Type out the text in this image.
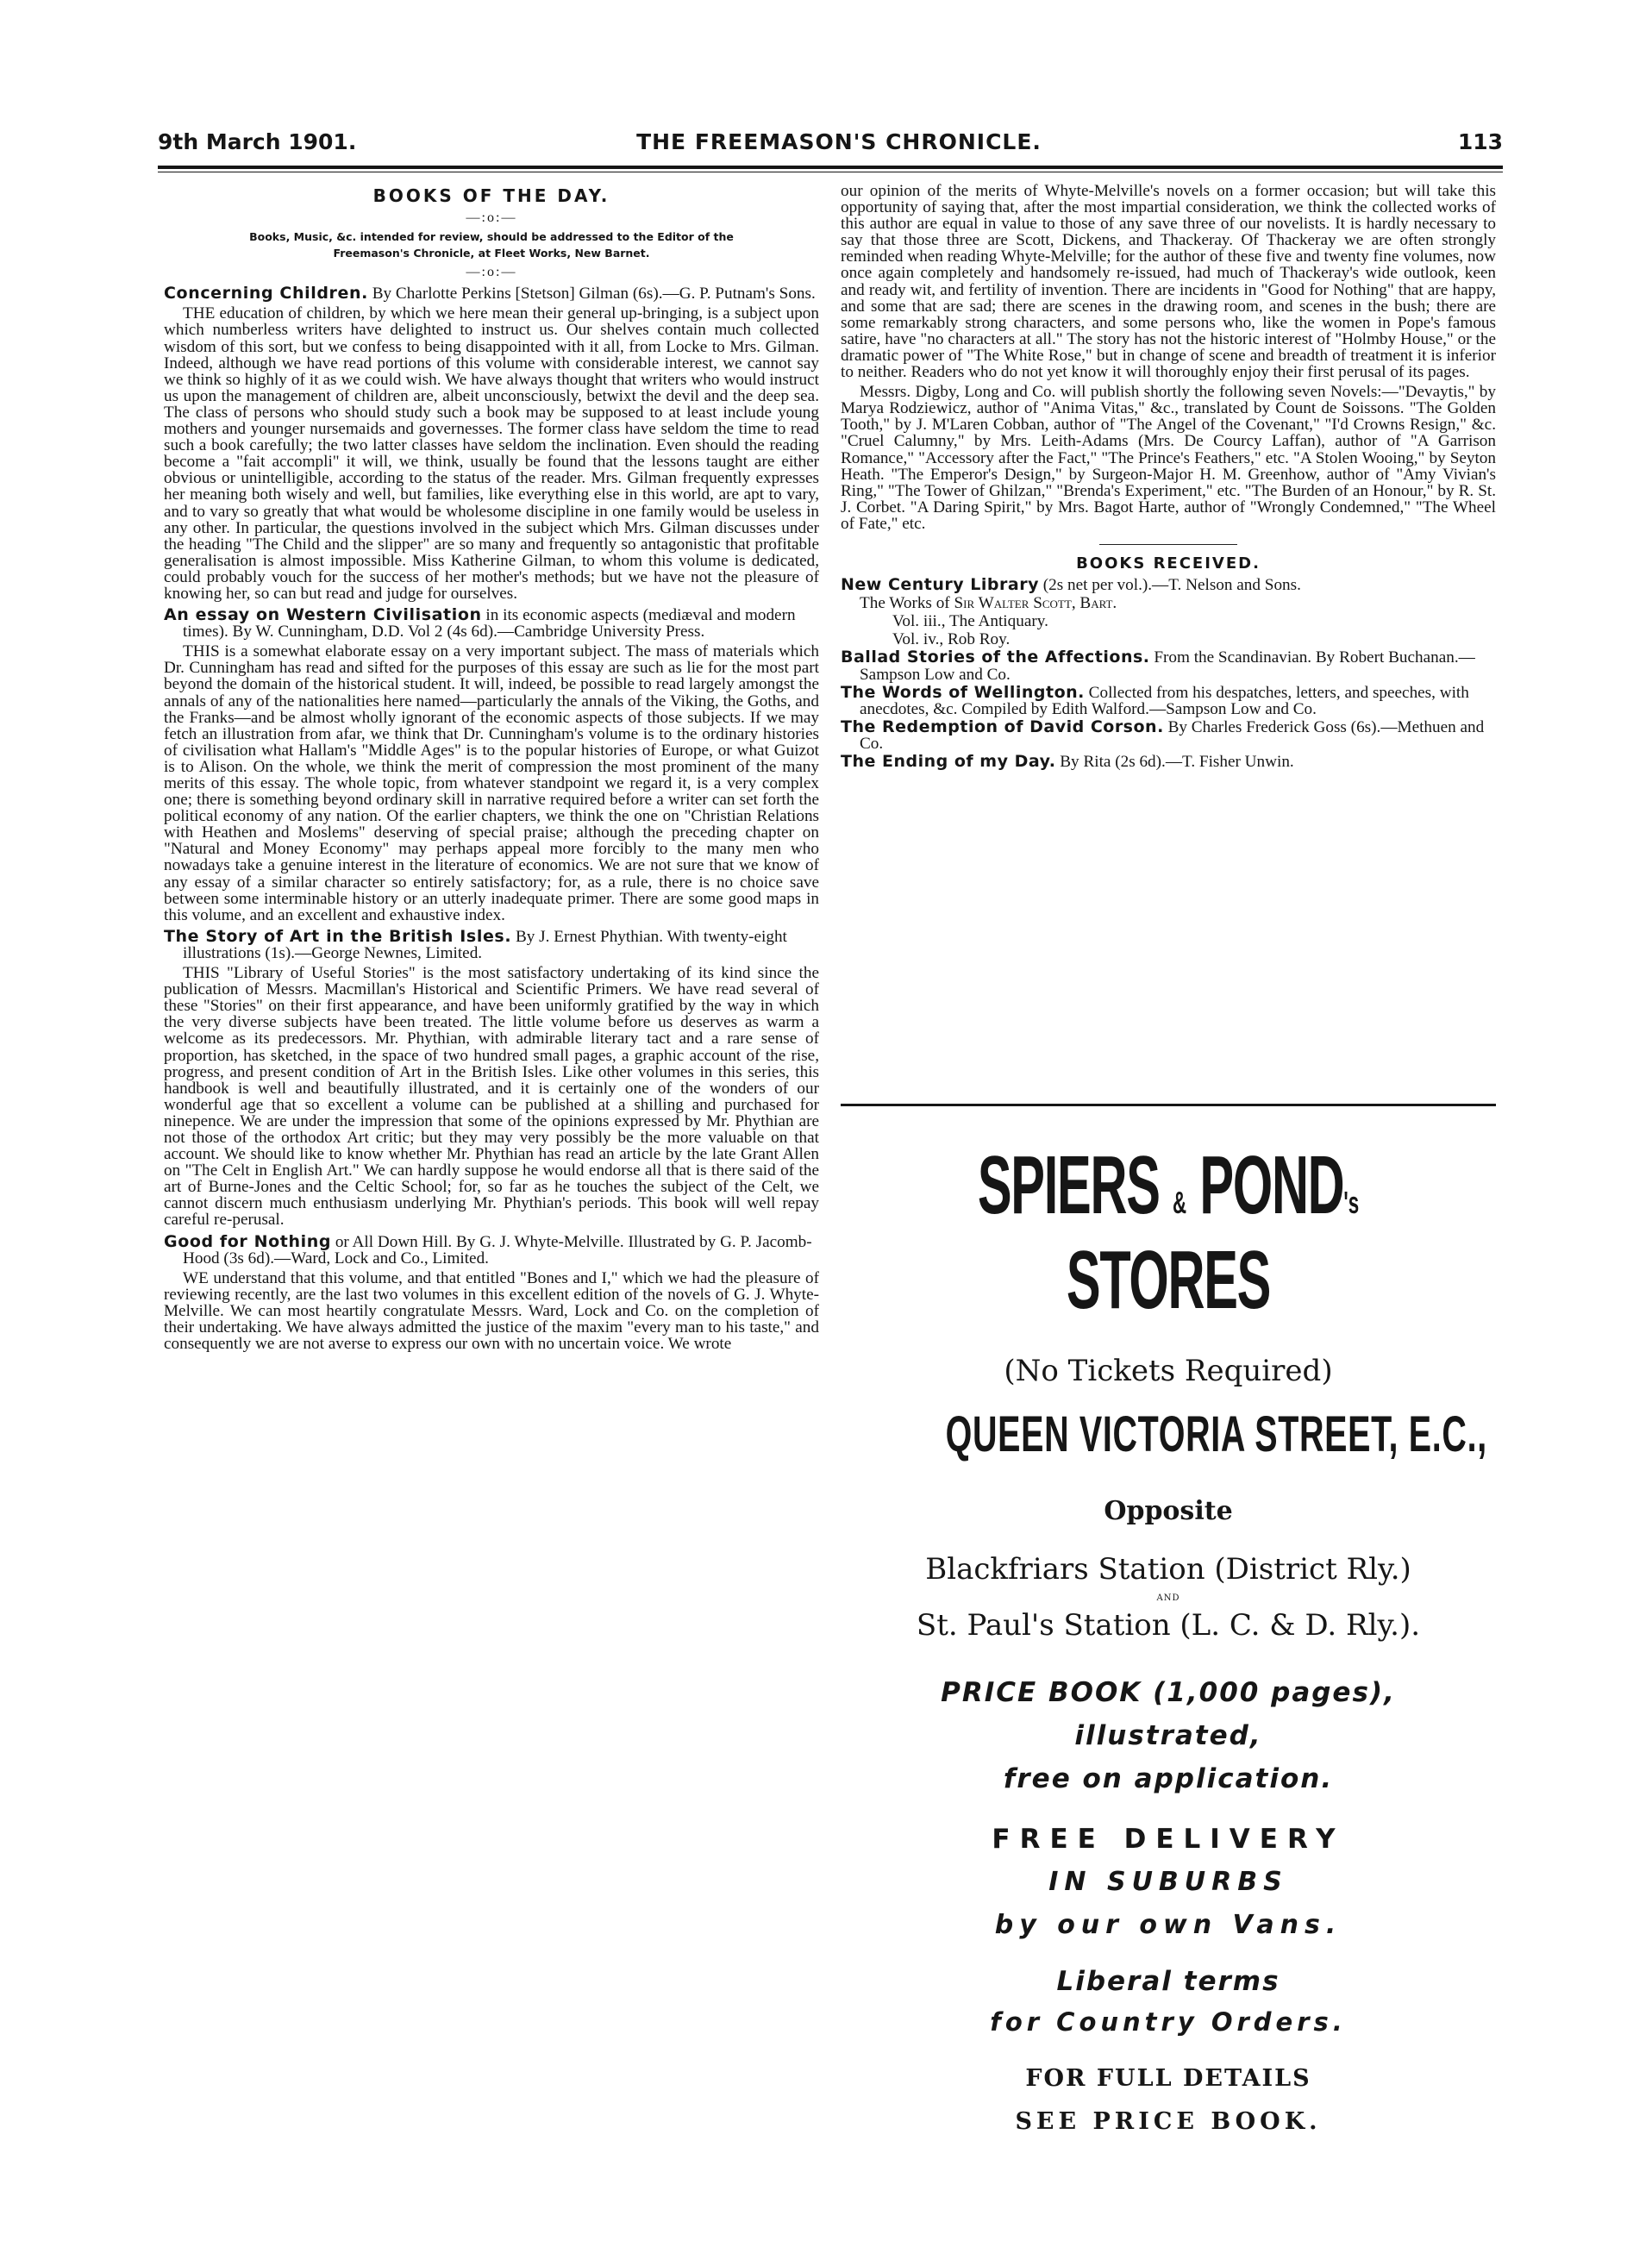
9th March 1901.	THE FREEMASON'S CHRONICLE.	113
BOOKS OF THE DAY.
—:o:—
Books, Music, &c. intended for review, should be addressed to the Editor of the
Freemason's Chronicle, at Fleet Works, New Barnet.
—:o:—
Concerning Children. By Charlotte Perkins [Stetson] Gilman (6s).—G. P. Putnam's Sons.

THE education of children, by which we here mean their general up-bringing, is a subject upon which numberless writers have delighted to instruct us. Our shelves contain much collected wisdom of this sort, but we confess to being disappointed with it all, from Locke to Mrs. Gilman. Indeed, although we have read portions of this volume with considerable interest, we cannot say we think so highly of it as we could wish. We have always thought that writers who would instruct us upon the management of children are, albeit unconsciously, betwixt the devil and the deep sea. The class of persons who should study such a book may be supposed to at least include young mothers and younger nursemaids and governesses. The former class have seldom the time to read such a book carefully; the two latter classes have seldom the inclination. Even should the reading become a "fait accompli" it will, we think, usually be found that the lessons taught are either obvious or unintelligible, according to the status of the reader. Mrs. Gilman frequently expresses her meaning both wisely and well, but families, like everything else in this world, are apt to vary, and to vary so greatly that what would be wholesome discipline in one family would be useless in any other. In particular, the questions involved in the subject which Mrs. Gilman discusses under the heading "The Child and the slipper" are so many and frequently so antagonistic that profitable generalisation is almost impossible. Miss Katherine Gilman, to whom this volume is dedicated, could probably vouch for the success of her mother's methods; but we have not the pleasure of knowing her, so can but read and judge for ourselves.

An essay on Western Civilisation in its economic aspects (mediæval and modern times). By W. Cunningham, D.D. Vol 2 (4s 6d).—Cambridge University Press.

THIS is a somewhat elaborate essay on a very important subject. The mass of materials which Dr. Cunningham has read and sifted for the purposes of this essay are such as lie for the most part beyond the domain of the historical student. It will, indeed, be possible to read largely amongst the annals of any of the nationalities here named—particularly the annals of the Viking, the Goths, and the Franks—and be almost wholly ignorant of the economic aspects of those subjects. If we may fetch an illustration from afar, we think that Dr. Cunningham's volume is to the ordinary histories of civilisation what Hallam's "Middle Ages" is to the popular histories of Europe, or what Guizot is to Alison. On the whole, we think the merit of compression the most prominent of the many merits of this essay. The whole topic, from whatever standpoint we regard it, is a very complex one; there is something beyond ordinary skill in narrative required before a writer can set forth the political economy of any nation. Of the earlier chapters, we think the one on "Christian Relations with Heathen and Moslems" deserving of special praise; although the preceding chapter on "Natural and Money Economy" may perhaps appeal more forcibly to the many men who nowadays take a genuine interest in the literature of economics. We are not sure that we know of any essay of a similar character so entirely satisfactory; for, as a rule, there is no choice save between some interminable history or an utterly inadequate primer. There are some good maps in this volume, and an excellent and exhaustive index.

The Story of Art in the British Isles. By J. Ernest Phythian. With twenty-eight illustrations (1s).—George Newnes, Limited.

THIS "Library of Useful Stories" is the most satisfactory undertaking of its kind since the publication of Messrs. Macmillan's Historical and Scientific Primers. We have read several of these "Stories" on their first appearance, and have been uniformly gratified by the way in which the very diverse subjects have been treated. The little volume before us deserves as warm a welcome as its predecessors. Mr. Phythian, with admirable literary tact and a rare sense of proportion, has sketched, in the space of two hundred small pages, a graphic account of the rise, progress, and present condition of Art in the British Isles. Like other volumes in this series, this handbook is well and beautifully illustrated, and it is certainly one of the wonders of our wonderful age that so excellent a volume can be published at a shilling and purchased for ninepence. We are under the impression that some of the opinions expressed by Mr. Phythian are not those of the orthodox Art critic; but they may very possibly be the more valuable on that account. We should like to know whether Mr. Phythian has read an article by the late Grant Allen on "The Celt in English Art." We can hardly suppose he would endorse all that is there said of the art of Burne-Jones and the Celtic School; for, so far as he touches the subject of the Celt, we cannot discern much enthusiasm underlying Mr. Phythian's periods. This book will well repay careful re-perusal.

Good for Nothing or All Down Hill. By G. J. Whyte-Melville. Illustrated by G. P. Jacomb-Hood (3s 6d).—Ward, Lock and Co., Limited.

WE understand that this volume, and that entitled "Bones and I," which we had the pleasure of reviewing recently, are the last two volumes in this excellent edition of the novels of G. J. Whyte-Melville. We can most heartily congratulate Messrs. Ward, Lock and Co. on the completion of their undertaking. We have always admitted the justice of the maxim "every man to his taste," and consequently we are not averse to express our own with no uncertain voice. We wrote

our opinion of the merits of Whyte-Melville's novels on a former occasion; but will take this opportunity of saying that, after the most impartial consideration, we think the collected works of this author are equal in value to those of any save three of our novelists. It is hardly necessary to say that those three are Scott, Dickens, and Thackeray. Of Thackeray we are often strongly reminded when reading Whyte-Melville; for the author of these five and twenty fine volumes, now once again completely and handsomely re-issued, had much of Thackeray's wide outlook, keen and ready wit, and fertility of invention. There are incidents in "Good for Nothing" that are happy, and some that are sad; there are scenes in the drawing room, and scenes in the bush; there are some remarkably strong characters, and some persons who, like the women in Pope's famous satire, have "no characters at all." The story has not the historic interest of "Holmby House," or the dramatic power of "The White Rose," but in change of scene and breadth of treatment it is inferior to neither. Readers who do not yet know it will thoroughly enjoy their first perusal of its pages.

Messrs. Digby, Long and Co. will publish shortly the following seven Novels:—"Devaytis," by Marya Rodziewicz, author of "Anima Vitas," &c., translated by Count de Soissons. "The Golden Tooth," by J. M'Laren Cobban, author of "The Angel of the Covenant," "I'd Crowns Resign," &c. "Cruel Calumny," by Mrs. Leith-Adams (Mrs. De Courcy Laffan), author of "A Garrison Romance," "Accessory after the Fact," "The Prince's Feathers," etc. "A Stolen Wooing," by Seyton Heath. "The Emperor's Design," by Surgeon-Major H. M. Greenhow, author of "Amy Vivian's Ring," "The Tower of Ghilzan," "Brenda's Experiment," etc. "The Burden of an Honour," by R. St. J. Corbet. "A Daring Spirit," by Mrs. Bagot Harte, author of "Wrongly Condemned," "The Wheel of Fate," etc.

BOOKS RECEIVED.
New Century Library (2s net per vol.).—T. Nelson and Sons.
The Works of Sir Walter Scott, Bart.
Vol. iii., The Antiquary.
Vol. iv., Rob Roy.
Ballad Stories of the Affections. From the Scandinavian. By Robert Buchanan.—Sampson Low and Co.
The Words of Wellington. Collected from his despatches, letters, and speeches, with anecdotes, &c. Compiled by Edith Walford.—Sampson Low and Co.
The Redemption of David Corson. By Charles Frederick Goss (6s).—Methuen and Co.
The Ending of my Day. By Rita (2s 6d).—T. Fisher Unwin.
SPIERS & POND's
STORES
(No Tickets Required)
QUEEN VICTORIA STREET, E.C.,
Opposite
Blackfriars Station (District Rly.)
AND
St. Paul's Station (L. C. & D. Rly.).
PRICE BOOK (1,000 pages),
illustrated,
free on application.
FREE DELIVERY
IN SUBURBS
by our own Vans.
Liberal terms
for Country Orders.
FOR FULL DETAILS
SEE PRICE BOOK.
